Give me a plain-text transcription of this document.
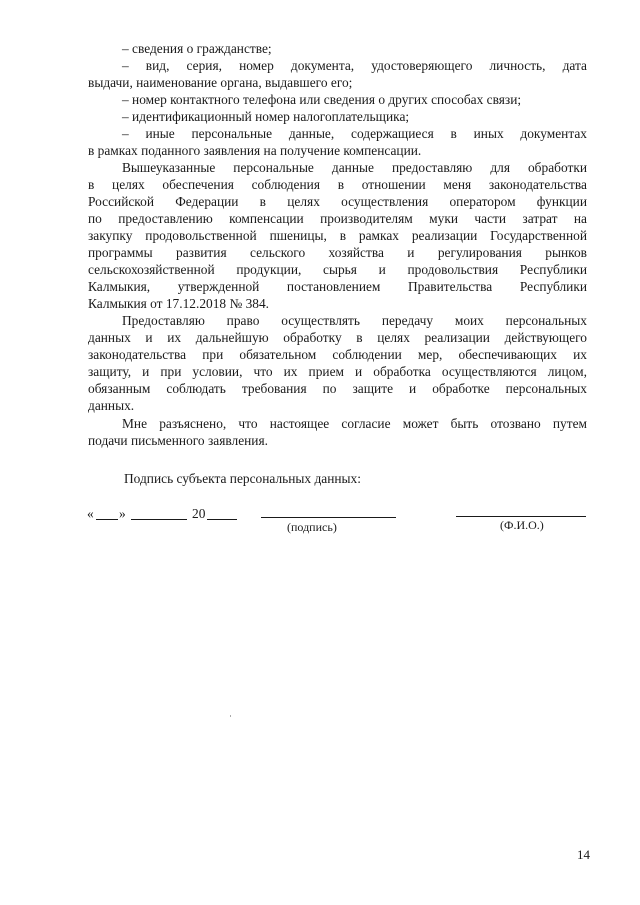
– сведения о гражданстве;
– вид, серия, номер документа, удостоверяющего личность, дата
выдачи, наименование органа, выдавшего его;
– номер контактного телефона или сведения о других способах связи;
– идентификационный номер налогоплательщика;
– иные персональные данные, содержащиеся в иных документах
в рамках поданного заявления на получение компенсации.
Вышеуказанные персональные данные предоставляю для обработки
в целях обеспечения соблюдения в отношении меня законодательства
Российской Федерации в целях осуществления оператором функции
по предоставлению компенсации производителям муки части затрат на
закупку продовольственной пшеницы, в рамках реализации Государственной
программы развития сельского хозяйства и регулирования рынков
сельскохозяйственной продукции, сырья и продовольствия Республики
Калмыкия, утвержденной постановлением Правительства Республики
Калмыкия от 17.12.2018 № 384.
Предоставляю право осуществлять передачу моих персональных
данных и их дальнейшую обработку в целях реализации действующего
законодательства при обязательном соблюдении мер, обеспечивающих их
защиту, и при условии, что их прием и обработка осуществляются лицом,
обязанным соблюдать требования по защите и обработке персональных
данных.
Мне разъяснено, что настоящее согласие может быть отозвано путем
подачи письменного заявления.
Подпись субъекта персональных данных:
« »	20
(подпись)	(Ф.И.О.)
14
